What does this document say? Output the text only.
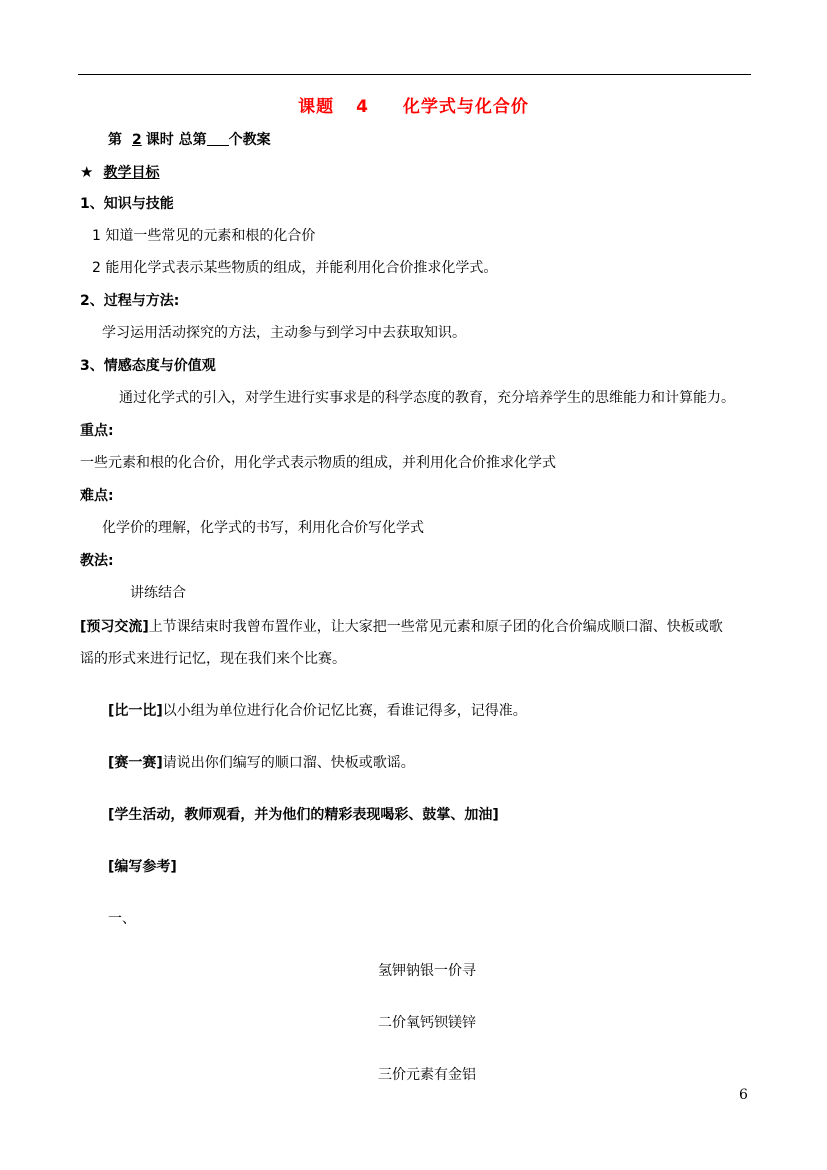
课题 4 化学式与化合价
第 2 课时 总第 个教案
★ 教学目标
1、知识与技能
1 知道一些常见的元素和根的化合价
2 能用化学式表示某些物质的组成，并能利用化合价推求化学式。
2、过程与方法:
学习运用活动探究的方法，主动参与到学习中去获取知识。
3、情感态度与价值观
通过化学式的引入，对学生进行实事求是的科学态度的教育，充分培养学生的思维能力和计算能力。
重点:
一些元素和根的化合价，用化学式表示物质的组成，并利用化合价推求化学式
难点:
化学价的理解，化学式的书写，利用化合价写化学式
教法:
讲练结合
[预习交流]上节课结束时我曾布置作业，让大家把一些常见元素和原子团的化合价编成顺口溜、快板或歌
谣的形式来进行记忆，现在我们来个比赛。
[比一比]以小组为单位进行化合价记忆比赛，看谁记得多，记得准。
[赛一赛]请说出你们编写的顺口溜、快板或歌谣。
[学生活动，教师观看，并为他们的精彩表现喝彩、鼓掌、加油]
[编写参考]
一、
氢钾钠银一价寻
二价氧钙钡镁锌
三价元素有金铝
6
